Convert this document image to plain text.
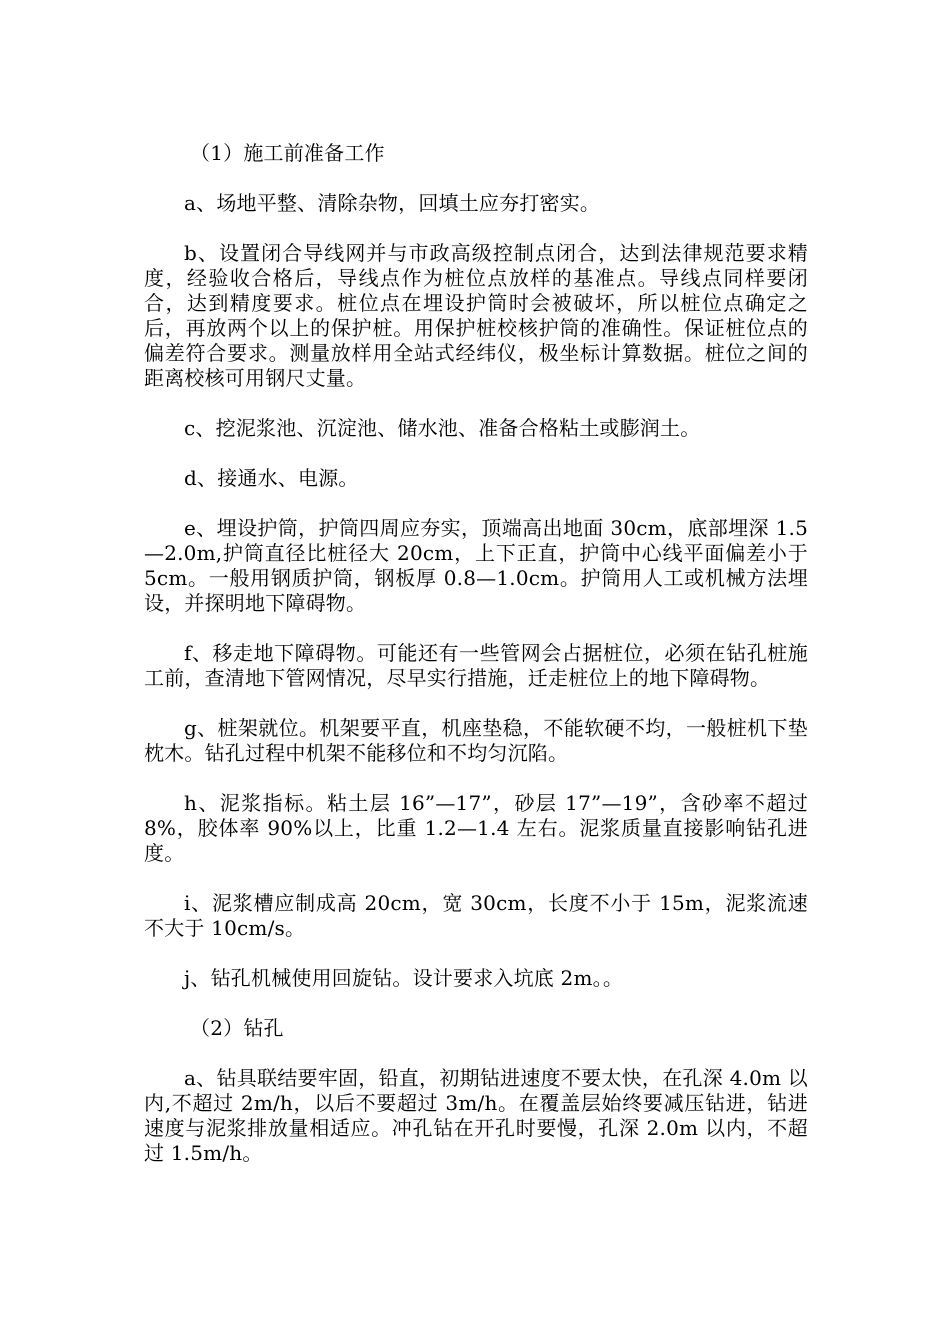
（1）施工前准备工作

a、场地平整、清除杂物，回填土应夯打密实。

b、设置闭合导线网并与市政高级控制点闭合，达到法律规范要求精度，经验收合格后，导线点作为桩位点放样的基准点。导线点同样要闭合，达到精度要求。桩位点在埋设护筒时会被破坏，所以桩位点确定之后，再放两个以上的保护桩。用保护桩校核护筒的准确性。保证桩位点的偏差符合要求。测量放样用全站式经纬仪，极坐标计算数据。桩位之间的距离校核可用钢尺丈量。

c、挖泥浆池、沉淀池、储水池、准备合格粘土或膨润土。

d、接通水、电源。

e、埋设护筒，护筒四周应夯实，顶端高出地面 30cm，底部埋深 1.5—2.0m,护筒直径比桩径大 20cm，上下正直，护筒中心线平面偏差小于 5cm。一般用钢质护筒，钢板厚 0.8—1.0cm。护筒用人工或机械方法埋设，并探明地下障碍物。

f、移走地下障碍物。可能还有一些管网会占据桩位，必须在钻孔桩施工前，查清地下管网情况，尽早实行措施，迁走桩位上的地下障碍物。

g、桩架就位。机架要平直，机座垫稳，不能软硬不均，一般桩机下垫枕木。钻孔过程中机架不能移位和不均匀沉陷。

h、泥浆指标。粘土层 16”—17”，砂层 17”—19”，含砂率不超过 8%，胶体率 90%以上，比重 1.2—1.4 左右。泥浆质量直接影响钻孔进度。

i、泥浆槽应制成高 20cm，宽 30cm，长度不小于 15m，泥浆流速不大于 10cm/s。

j、钻孔机械使用回旋钻。设计要求入坑底 2m。。

（2）钻孔

a、钻具联结要牢固，铅直，初期钻进速度不要太快，在孔深 4.0m 以内,不超过 2m/h，以后不要超过 3m/h。在覆盖层始终要减压钻进，钻进速度与泥浆排放量相适应。冲孔钻在开孔时要慢，孔深 2.0m 以内，不超过 1.5m/h。
